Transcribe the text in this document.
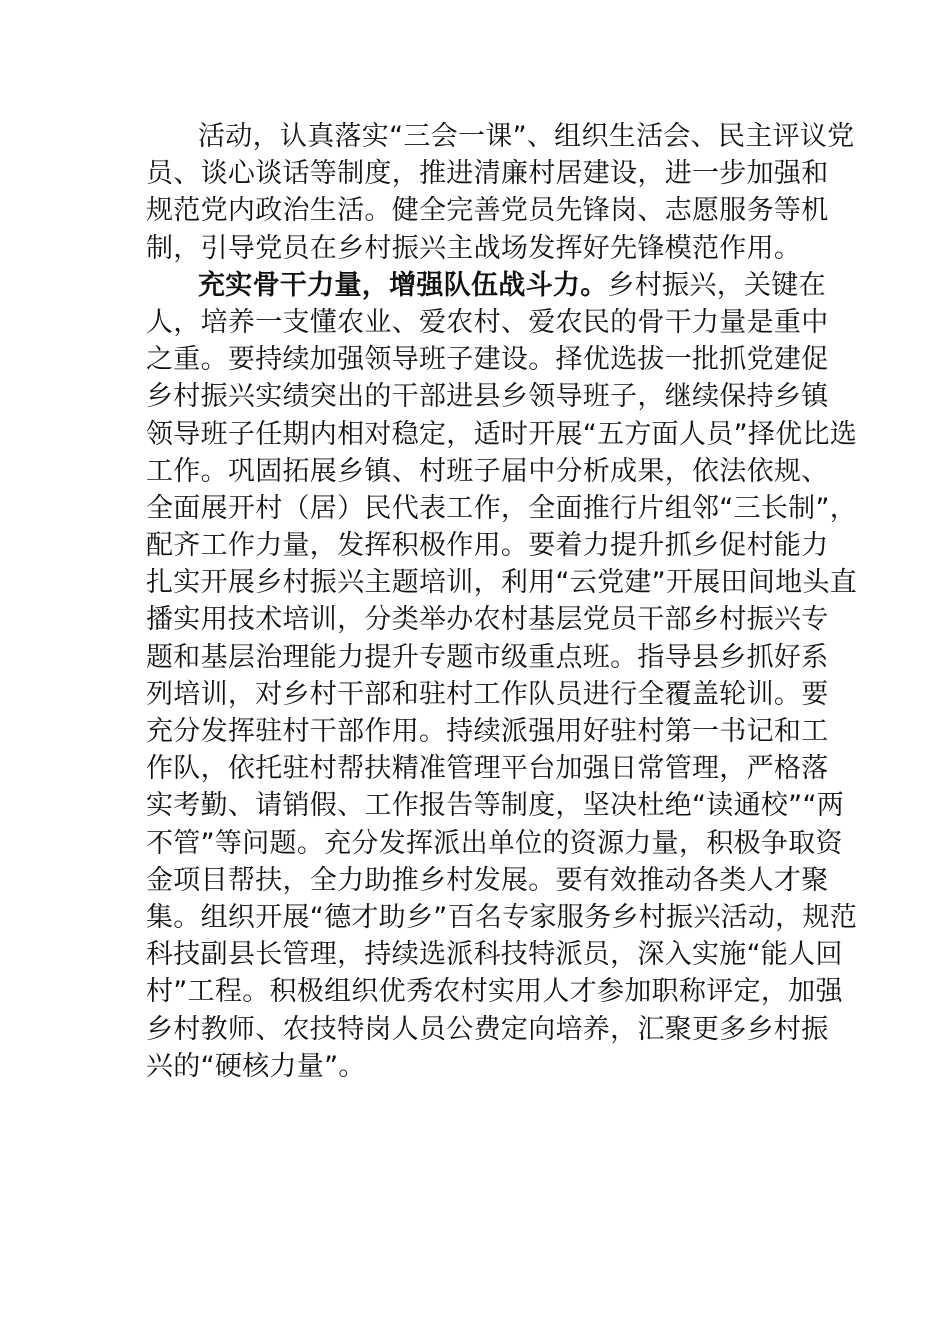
活动，认真落实“三会一课”、组织生活会、民主评议党
员、谈心谈话等制度，推进清廉村居建设，进一步加强和
规范党内政治生活。健全完善党员先锋岗、志愿服务等机
制，引导党员在乡村振兴主战场发挥好先锋模范作用。
充实骨干力量，增强队伍战斗力。乡村振兴，关键在
人，培养一支懂农业、爱农村、爱农民的骨干力量是重中
之重。要持续加强领导班子建设。择优选拔一批抓党建促
乡村振兴实绩突出的干部进县乡领导班子，继续保持乡镇
领导班子任期内相对稳定，适时开展“五方面人员”择优比选
工作。巩固拓展乡镇、村班子届中分析成果，依法依规、
全面展开村（居）民代表工作，全面推行片组邻“三长制”，
配齐工作力量，发挥积极作用。要着力提升抓乡促村能力
扎实开展乡村振兴主题培训，利用“云党建”开展田间地头直
播实用技术培训，分类举办农村基层党员干部乡村振兴专
题和基层治理能力提升专题市级重点班。指导县乡抓好系
列培训，对乡村干部和驻村工作队员进行全覆盖轮训。要
充分发挥驻村干部作用。持续派强用好驻村第一书记和工
作队，依托驻村帮扶精准管理平台加强日常管理，严格落
实考勤、请销假、工作报告等制度，坚决杜绝“读通校”“两
不管”等问题。充分发挥派出单位的资源力量，积极争取资
金项目帮扶，全力助推乡村发展。要有效推动各类人才聚
集。组织开展“德才助乡”百名专家服务乡村振兴活动，规范
科技副县长管理，持续选派科技特派员，深入实施“能人回
村”工程。积极组织优秀农村实用人才参加职称评定，加强
乡村教师、农技特岗人员公费定向培养，汇聚更多乡村振
兴的“硬核力量”。
